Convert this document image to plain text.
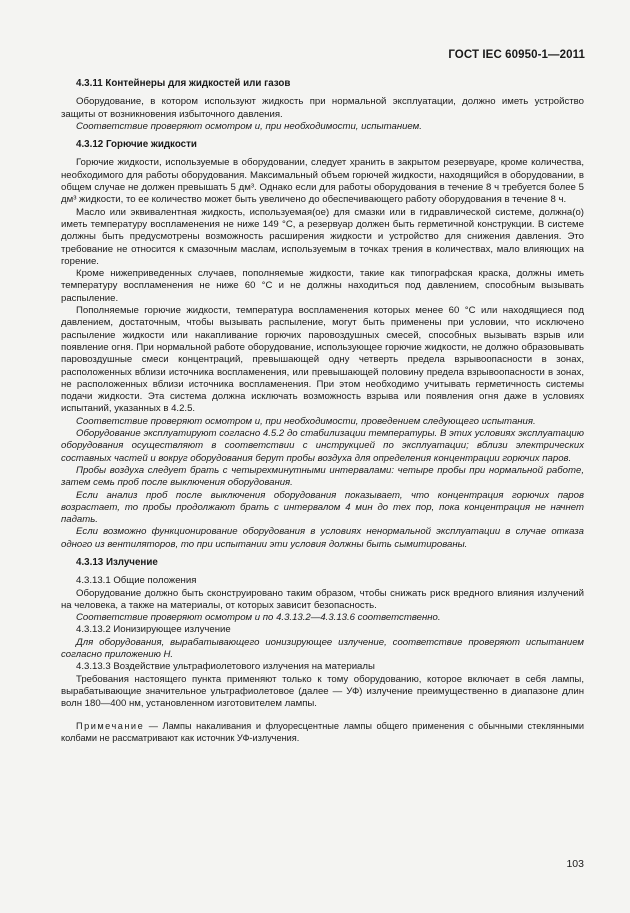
ГОСТ IEC 60950-1—2011

4.3.11 Контейнеры для жидкостей или газов

Оборудование, в котором используют жидкость при нормальной эксплуатации, должно иметь устройство защиты от возникновения избыточного давления.

Соответствие проверяют осмотром и, при необходимости, испытанием.

4.3.12 Горючие жидкости

Горючие жидкости, используемые в оборудовании, следует хранить в закрытом резервуаре, кроме количества, необходимого для работы оборудования. Максимальный объем горючей жидкости, находящийся в оборудовании, в общем случае не должен превышать 5 дм³. Однако если для работы оборудования в течение 8 ч требуется более 5 дм³ жидкости, то ее количество может быть увеличено до обеспечивающего работу оборудования в течение 8 ч.

Масло или эквивалентная жидкость, используемая(ое) для смазки или в гидравлической системе, должна(о) иметь температуру воспламенения не ниже 149 °С, а резервуар должен быть герметичной конструкции. В системе должны быть предусмотрены возможность расширения жидкости и устройство для снижения давления. Это требование не относится к смазочным маслам, используемым в точках трения в количествах, мало влияющих на горение.

Кроме нижеприведенных случаев, пополняемые жидкости, такие как типографская краска, должны иметь температуру воспламенения не ниже 60 °С и не должны находиться под давлением, способным вызывать распыление.

Пополняемые горючие жидкости, температура воспламенения которых менее 60 °С или находящиеся под давлением, достаточным, чтобы вызывать распыление, могут быть применены при условии, что исключено распыление жидкости или накапливание горючих паровоздушных смесей, способных вызывать взрыв или появление огня. При нормальной работе оборудование, использующее горючие жидкости, не должно образовывать паровоздушные смеси концентраций, превышающей одну четверть предела взрывоопасности в зонах, расположенных вблизи источника воспламенения, или превышающей половину предела взрывоопасности в зонах, не расположенных вблизи источника воспламенения. При этом необходимо учитывать герметичность системы подачи жидкости. Эта система должна исключать возможность взрыва или появления огня даже в условиях испытаний, указанных в 4.2.5.

Соответствие проверяют осмотром и, при необходимости, проведением следующего испытания.

Оборудование эксплуатируют согласно 4.5.2 до стабилизации температуры. В этих условиях эксплуатацию оборудования осуществляют в соответствии с инструкцией по эксплуатации; вблизи электрических составных частей и вокруг оборудования берут пробы воздуха для определения концентрации горючих паров.

Пробы воздуха следует брать с четырехминутными интервалами: четыре пробы при нормальной работе, затем семь проб после выключения оборудования.

Если анализ проб после выключения оборудования показывает, что концентрация горючих паров возрастает, то пробы продолжают брать с интервалом 4 мин до тех пор, пока концентрация не начнет падать.

Если возможно функционирование оборудования в условиях ненормальной эксплуатации в случае отказа одного из вентиляторов, то при испытании эти условия должны быть сымитированы.

4.3.13 Излучение

4.3.13.1 Общие положения

Оборудование должно быть сконструировано таким образом, чтобы снижать риск вредного влияния излучений на человека, а также на материалы, от которых зависит безопасность.

Соответствие проверяют осмотром и по 4.3.13.2—4.3.13.6 соответственно.

4.3.13.2 Ионизирующее излучение

Для оборудования, вырабатывающего ионизирующее излучение, соответствие проверяют испытанием согласно приложению Н.

4.3.13.3 Воздействие ультрафиолетового излучения на материалы

Требования настоящего пункта применяют только к тому оборудованию, которое включает в себя лампы, вырабатывающие значительное ультрафиолетовое (далее — УФ) излучение преимущественно в диапазоне длин волн 180—400 нм, установленном изготовителем лампы.

Примечание — Лампы накаливания и флуоресцентные лампы общего применения с обычными стеклянными колбами не рассматривают как источник УФ-излучения.

103
